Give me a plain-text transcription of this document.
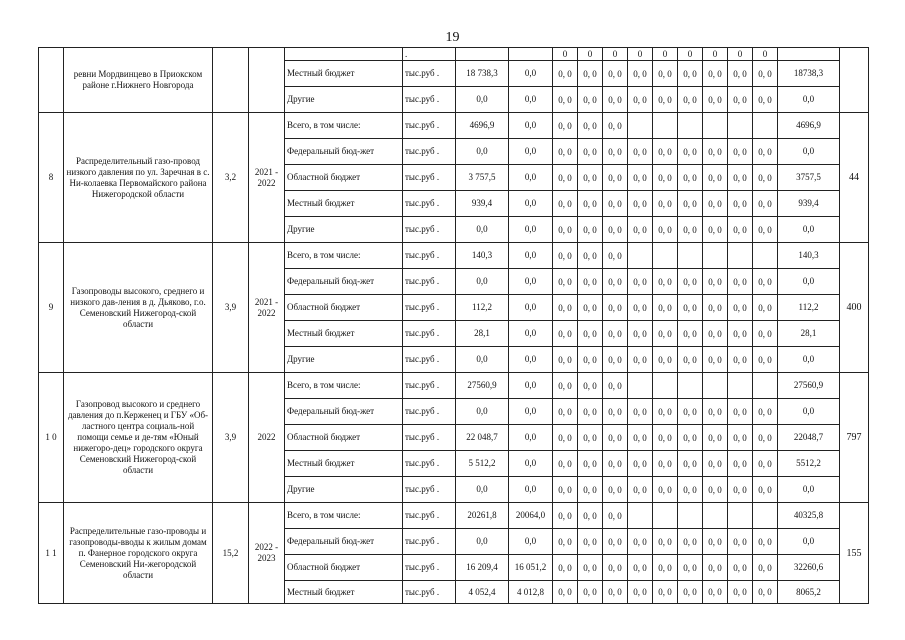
19
	ревни Мордвинцево в Приокском районе г.Нижнего Новгорода				.			0	0	0	0	0	0	0	0	0		
				Местный бюджет	тыс.руб .	18 738,3	0,0	0, 0	0, 0	0, 0	0, 0	0, 0	0, 0	0, 0	0, 0	0, 0	18738,3	
				Другие	тыс.руб .	0,0	0,0	0, 0	0, 0	0, 0	0, 0	0, 0	0, 0	0, 0	0, 0	0, 0	0,0	
8	Распределительный газо-провод низкого давления по ул. Заречная в с. Ни-колаевка Первомайского района Нижегородской области	3,2	2021 - 2022	Всего, в том числе:	тыс.руб .	4696,9	0,0	0, 0	0, 0	0, 0							4696,9	44
				Федеральный бюд-жет	тыс.руб .	0,0	0,0	0, 0	0, 0	0, 0	0, 0	0, 0	0, 0	0, 0	0, 0	0, 0	0,0	
				Областной бюджет	тыс.руб .	3 757,5	0,0	0, 0	0, 0	0, 0	0, 0	0, 0	0, 0	0, 0	0, 0	0, 0	3757,5	
				Местный бюджет	тыс.руб .	939,4	0,0	0, 0	0, 0	0, 0	0, 0	0, 0	0, 0	0, 0	0, 0	0, 0	939,4	
				Другие	тыс.руб .	0,0	0,0	0, 0	0, 0	0, 0	0, 0	0, 0	0, 0	0, 0	0, 0	0, 0	0,0	
9	Газопроводы высокого, среднего и низкого дав-ления в д. Дьяково, г.о. Семеновский Нижегород-ской области	3,9	2021 - 2022	Всего, в том числе:	тыс.руб .	140,3	0,0	0, 0	0, 0	0, 0							140,3	400
				Федеральный бюд-жет	тыс.руб .	0,0	0,0	0, 0	0, 0	0, 0	0, 0	0, 0	0, 0	0, 0	0, 0	0, 0	0,0	
				Областной бюджет	тыс.руб .	112,2	0,0	0, 0	0, 0	0, 0	0, 0	0, 0	0, 0	0, 0	0, 0	0, 0	112,2	
				Местный бюджет	тыс.руб .	28,1	0,0	0, 0	0, 0	0, 0	0, 0	0, 0	0, 0	0, 0	0, 0	0, 0	28,1	
				Другие	тыс.руб .	0,0	0,0	0, 0	0, 0	0, 0	0, 0	0, 0	0, 0	0, 0	0, 0	0, 0	0,0	
1 0	Газопровод высокого и среднего давления до п.Керженец и ГБУ «Об-ластного центра социаль-ной помощи семье и де-тям «Юный нижегоро-дец» городского округа Семеновский Нижегород-ской области	3,9	2022	Всего, в том числе:	тыс.руб .	27560,9	0,0	0, 0	0, 0	0, 0							27560,9	797
				Федеральный бюд-жет	тыс.руб .	0,0	0,0	0, 0	0, 0	0, 0	0, 0	0, 0	0, 0	0, 0	0, 0	0, 0	0,0	
				Областной бюджет	тыс.руб .	22 048,7	0,0	0, 0	0, 0	0, 0	0, 0	0, 0	0, 0	0, 0	0, 0	0, 0	22048,7	
				Местный бюджет	тыс.руб .	5 512,2	0,0	0, 0	0, 0	0, 0	0, 0	0, 0	0, 0	0, 0	0, 0	0, 0	5512,2	
				Другие	тыс.руб .	0,0	0,0	0, 0	0, 0	0, 0	0, 0	0, 0	0, 0	0, 0	0, 0	0, 0	0,0	
1 1	Распределительные газо-проводы и газопроводы-вводы к жилым домам п. Фанерное городского округа Семеновский Ни-жегородской области	15,2	2022 - 2023	Всего, в том числе:	тыс.руб .	20261,8	20064,0	0, 0	0, 0	0, 0							40325,8	155
				Федеральный бюд-жет	тыс.руб .	0,0	0,0	0, 0	0, 0	0, 0	0, 0	0, 0	0, 0	0, 0	0, 0	0, 0	0,0	
				Областной бюджет	тыс.руб .	16 209,4	16 051,2	0, 0	0, 0	0, 0	0, 0	0, 0	0, 0	0, 0	0, 0	0, 0	32260,6	
				Местный бюджет	тыс.руб .	4 052,4	4 012,8	0, 0	0, 0	0, 0	0, 0	0, 0	0, 0	0, 0	0, 0	0, 0	8065,2	
